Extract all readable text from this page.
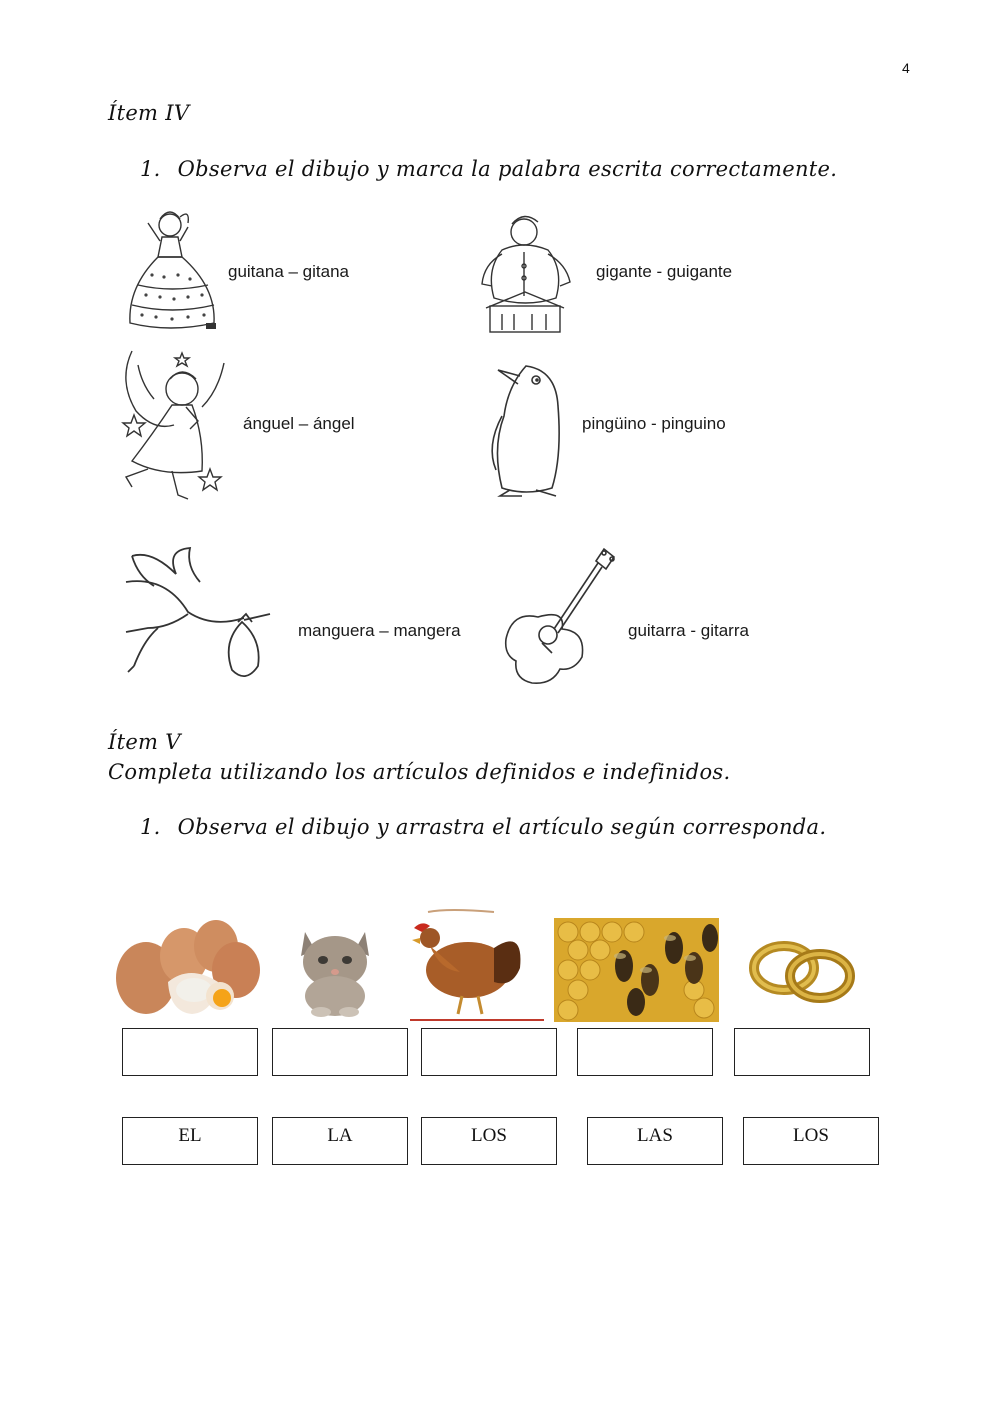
4
Ítem IV
1. Observa el dibujo y marca la palabra escrita correctamente.
guitana – gitana	gigante - guigante
ánguel – ángel	pingüino - pinguino
manguera – mangera	guitarra - gitarra
Ítem V
Completa utilizando los artículos definidos e indefinidos.
1. Observa el dibujo y arrastra el artículo según corresponda.
EL	LA	LOS	LAS	LOS
